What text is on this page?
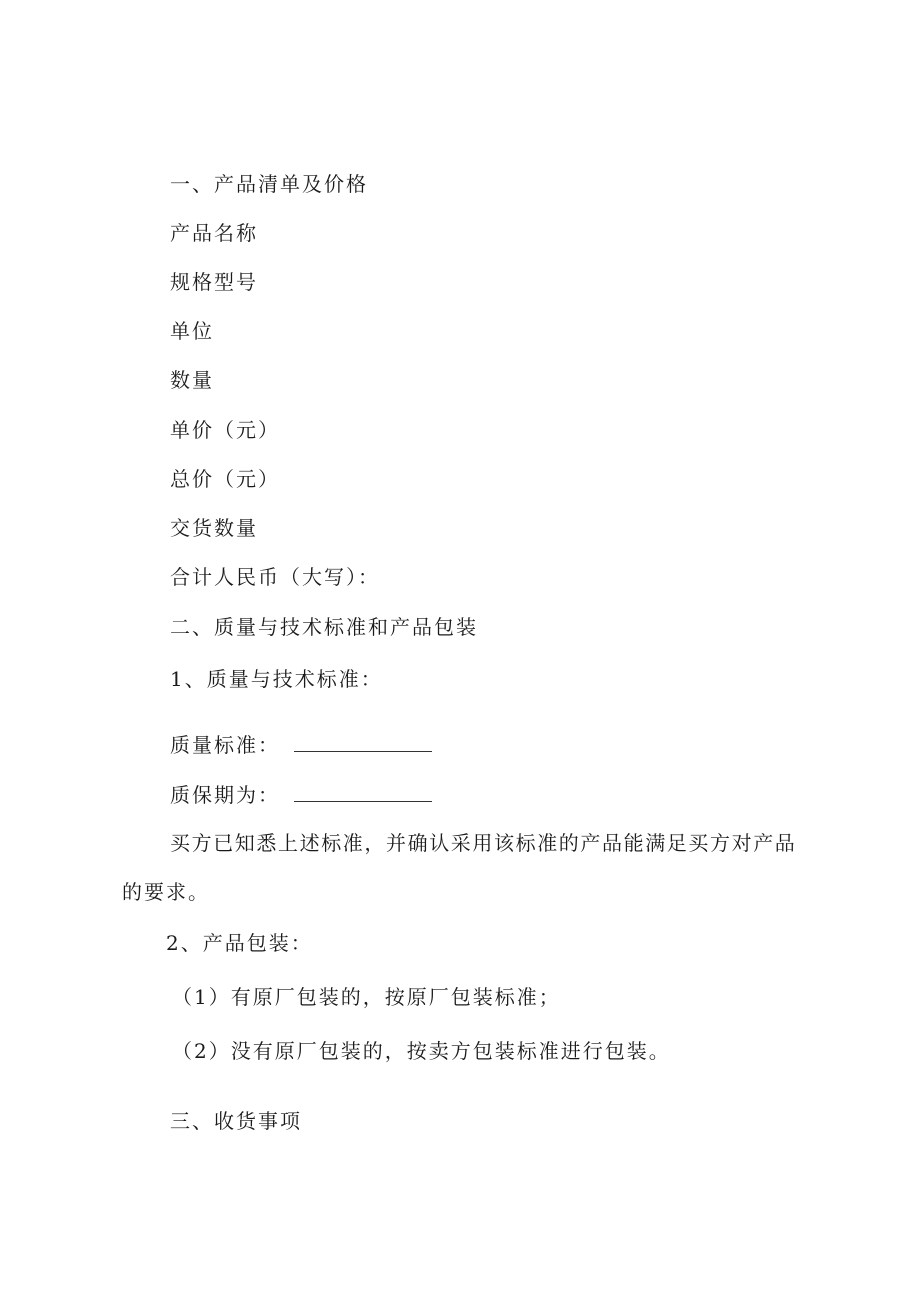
一、产品清单及价格
产品名称
规格型号
单位
数量
单价（元）
总价（元）
交货数量
合计人民币（大写）：
二、质量与技术标准和产品包装
1、质量与技术标准：
质量标准：
质保期为：
买方已知悉上述标准，并确认采用该标准的产品能满足买方对产品
的要求。
2、产品包装：
（1）有原厂包装的，按原厂包装标准；
（2）没有原厂包装的，按卖方包装标准进行包装。
三、收货事项
